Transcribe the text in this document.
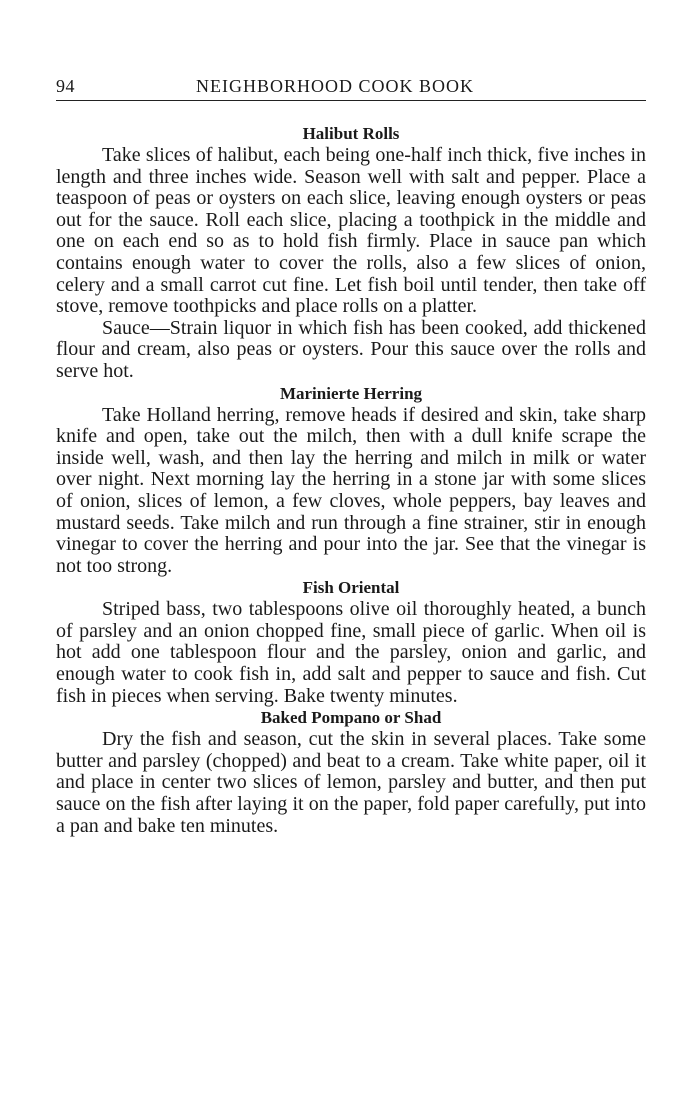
94	NEIGHBORHOOD COOK BOOK
Halibut Rolls

Take slices of halibut, each being one-half inch thick, five inches in length and three inches wide. Season well with salt and pepper. Place a teaspoon of peas or oysters on each slice, leaving enough oysters or peas out for the sauce. Roll each slice, placing a toothpick in the middle and one on each end so as to hold fish firmly. Place in sauce pan which contains enough water to cover the rolls, also a few slices of onion, celery and a small carrot cut fine. Let fish boil until tender, then take off stove, remove toothpicks and place rolls on a platter.

Sauce—Strain liquor in which fish has been cooked, add thickened flour and cream, also peas or oysters. Pour this sauce over the rolls and serve hot.

Marinierte Herring

Take Holland herring, remove heads if desired and skin, take sharp knife and open, take out the milch, then with a dull knife scrape the inside well, wash, and then lay the herring and milch in milk or water over night. Next morning lay the herring in a stone jar with some slices of onion, slices of lemon, a few cloves, whole peppers, bay leaves and mustard seeds. Take milch and run through a fine strainer, stir in enough vinegar to cover the herring and pour into the jar. See that the vinegar is not too strong.

Fish Oriental

Striped bass, two tablespoons olive oil thoroughly heated, a bunch of parsley and an onion chopped fine, small piece of garlic. When oil is hot add one tablespoon flour and the parsley, onion and garlic, and enough water to cook fish in, add salt and pepper to sauce and fish. Cut fish in pieces when serving. Bake twenty minutes.

Baked Pompano or Shad

Dry the fish and season, cut the skin in several places. Take some butter and parsley (chopped) and beat to a cream. Take white paper, oil it and place in center two slices of lemon, parsley and butter, and then put sauce on the fish after laying it on the paper, fold paper carefully, put into a pan and bake ten minutes.
